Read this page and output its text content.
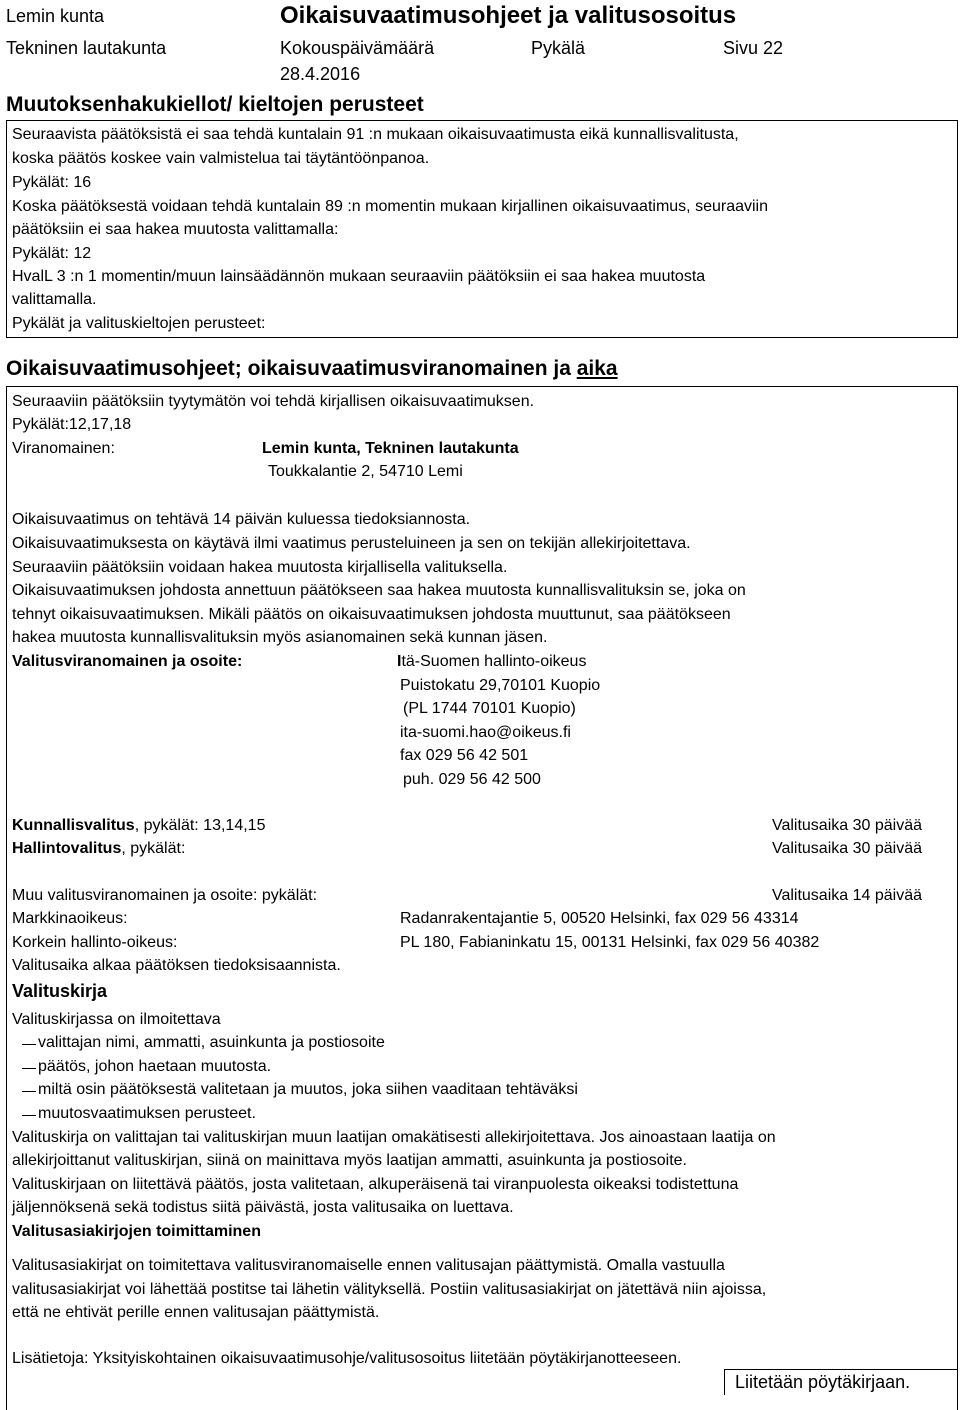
Lemin kunta	Oikaisuvaatimusohjeet ja valitusosoitus
Tekninen lautakunta	Kokouspäivämäärä	Pykälä	Sivu 22
28.4.2016
Muutoksenhakukiellot/ kieltojen perusteet
Seuraavista päätöksistä ei saa tehdä kuntalain 91 :n mukaan oikaisuvaatimusta eikä kunnallisvalitusta,
koska päätös koskee vain valmistelua tai täytäntöönpanoa.
Pykälät: 16
Koska päätöksestä voidaan tehdä kuntalain 89 :n momentin mukaan kirjallinen oikaisuvaatimus, seuraaviin
päätöksiin ei saa hakea muutosta valittamalla:
Pykälät: 12
HvalL 3 :n 1 momentin/muun lainsäädännön mukaan seuraaviin päätöksiin ei saa hakea muutosta
valittamalla.
Pykälät ja valituskieltojen perusteet:
Oikaisuvaatimusohjeet; oikaisuvaatimusviranomainen ja aika
Seuraaviin päätöksiin tyytymätön voi tehdä kirjallisen oikaisuvaatimuksen.
Pykälät:12,17,18
Viranomainen:	Lemin kunta, Tekninen lautakunta
Toukkalantie 2, 54710 Lemi
Oikaisuvaatimus on tehtävä 14 päivän kuluessa tiedoksiannosta.
Oikaisuvaatimuksesta on käytävä ilmi vaatimus perusteluineen ja sen on tekijän allekirjoitettava.
Seuraaviin päätöksiin voidaan hakea muutosta kirjallisella valituksella.
Oikaisuvaatimuksen johdosta annettuun päätökseen saa hakea muutosta kunnallisvalituksin se, joka on
tehnyt oikaisuvaatimuksen. Mikäli päätös on oikaisuvaatimuksen johdosta muuttunut, saa päätökseen
hakea muutosta kunnallisvalituksin myös asianomainen sekä kunnan jäsen.
Valitusviranomainen ja osoite:	Itä-Suomen hallinto-oikeus
Puistokatu 29,70101 Kuopio
(PL 1744 70101 Kuopio)
ita-suomi.hao@oikeus.fi
fax 029 56 42 501
puh. 029 56 42 500
Kunnallisvalitus, pykälät: 13,14,15	Valitusaika 30 päivää
Hallintovalitus, pykälät:	Valitusaika 30 päivää
Muu valitusviranomainen ja osoite: pykälät:	Valitusaika 14 päivää
Markkinaoikeus:	Radanrakentajantie 5, 00520 Helsinki, fax 029 56 43314
Korkein hallinto-oikeus:	PL 180, Fabianinkatu 15, 00131 Helsinki, fax 029 56 40382
Valitusaika alkaa päätöksen tiedoksisaannista.
Valituskirja
Valituskirjassa on ilmoitettava
valittajan nimi, ammatti, asuinkunta ja postiosoite
päätös, johon haetaan muutosta.
miltä osin päätöksestä valitetaan ja muutos, joka siihen vaaditaan tehtäväksi
muutosvaatimuksen perusteet.
Valituskirja on valittajan tai valituskirjan muun laatijan omakätisesti allekirjoitettava. Jos ainoastaan laatija on
allekirjoittanut valituskirjan, siinä on mainittava myös laatijan ammatti, asuinkunta ja postiosoite.
Valituskirjaan on liitettävä päätös, josta valitetaan, alkuperäisenä tai viranpuolesta oikeaksi todistettuna
jäljennöksenä sekä todistus siitä päivästä, josta valitusaika on luettava.
Valitusasiakirjojen toimittaminen
Valitusasiakirjat on toimitettava valitusviranomaiselle ennen valitusajan päättymistä. Omalla vastuulla
valitusasiakirjat voi lähettää postitse tai lähetin välityksellä. Postiin valitusasiakirjat on jätettävä niin ajoissa,
että ne ehtivät perille ennen valitusajan päättymistä.
Lisätietoja: Yksityiskohtainen oikaisuvaatimusohje/valitusosoitus liitetään pöytäkirjanotteeseen.
Liitetään pöytäkirjaan.
